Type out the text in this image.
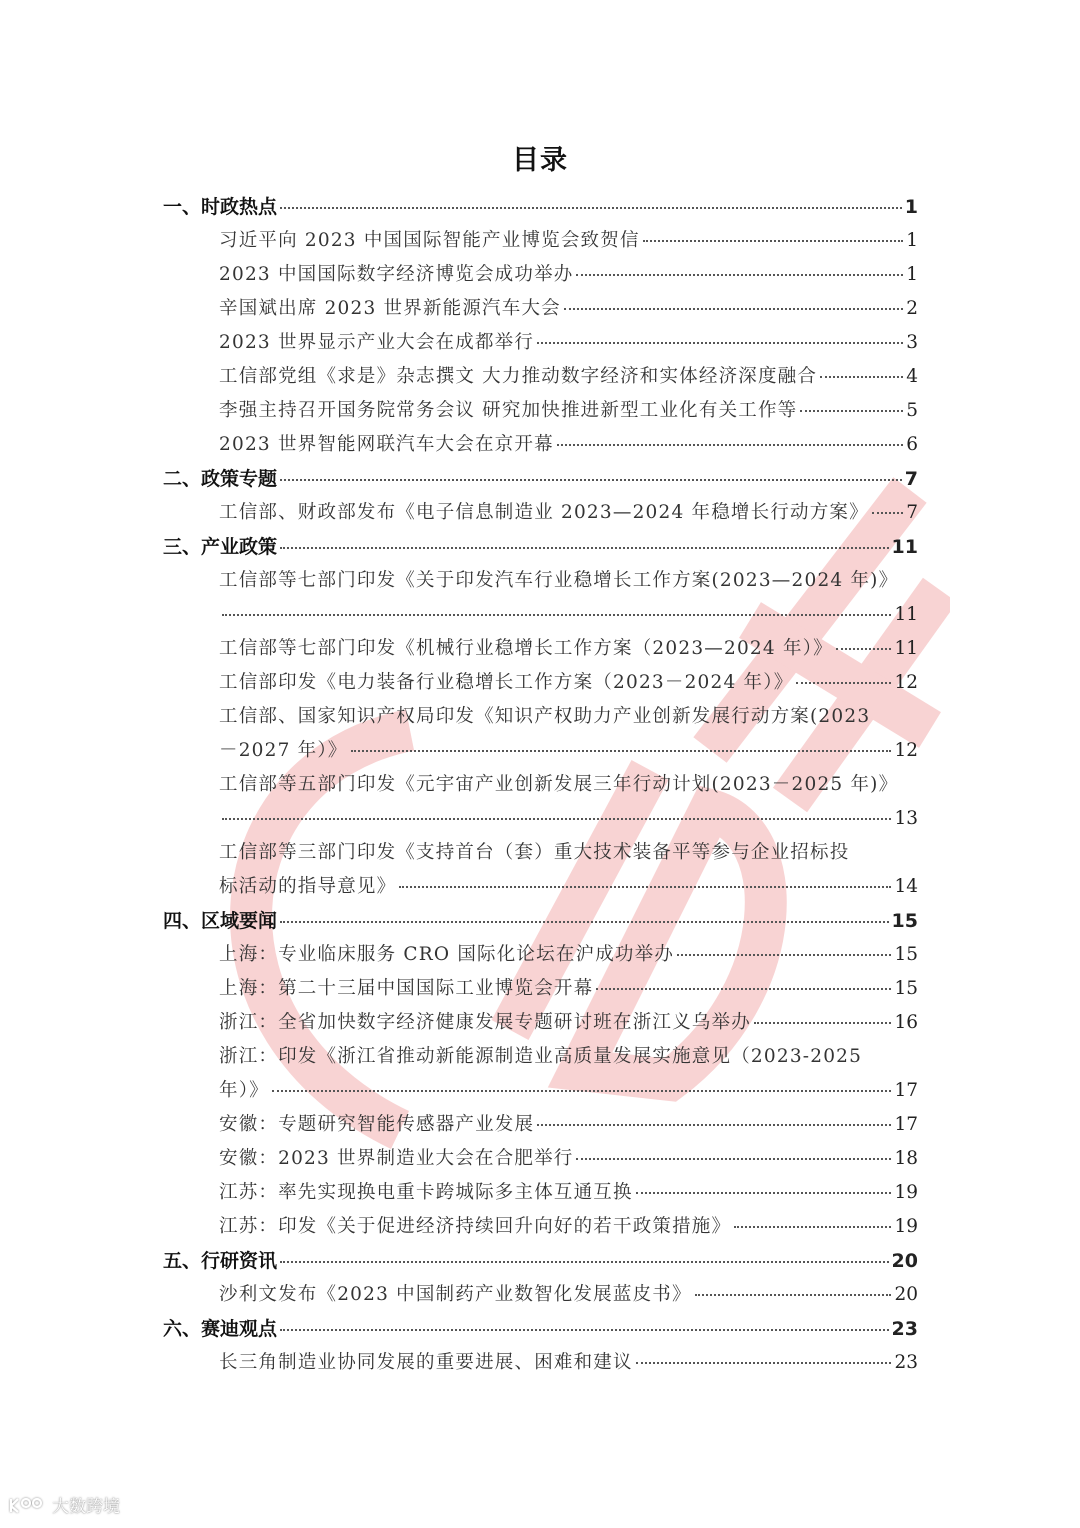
目录
一、时政热点	1
习近平向 2023 中国国际智能产业博览会致贺信	1
2023 中国国际数字经济博览会成功举办	1
辛国斌出席 2023 世界新能源汽车大会	2
2023 世界显示产业大会在成都举行	3
工信部党组《求是》杂志撰文 大力推动数字经济和实体经济深度融合	4
李强主持召开国务院常务会议 研究加快推进新型工业化有关工作等	5
2023 世界智能网联汽车大会在京开幕	6
二、政策专题	7
工信部、财政部发布《电子信息制造业 2023—2024 年稳增长行动方案》 7
三、产业政策	11
工信部等七部门印发《关于印发汽车行业稳增长工作方案(2023—2024 年)》
11
工信部等七部门印发《机械行业稳增长工作方案（2023—2024 年）》	11
工信部印发《电力装备行业稳增长工作方案（2023－2024 年）》	12
工信部、国家知识产权局印发《知识产权助力产业创新发展行动方案(2023
－2027 年）》	12
工信部等五部门印发《元宇宙产业创新发展三年行动计划(2023－2025 年)》
13
工信部等三部门印发《支持首台（套）重大技术装备平等参与企业招标投
标活动的指导意见》	14
四、区域要闻	15
上海：专业临床服务 CRO 国际化论坛在沪成功举办	15
上海：第二十三届中国国际工业博览会开幕	15
浙江：全省加快数字经济健康发展专题研讨班在浙江义乌举办	16
浙江：印发《浙江省推动新能源制造业高质量发展实施意见（2023-2025
年）》	17
安徽：专题研究智能传感器产业发展	17
安徽：2023 世界制造业大会在合肥举行	18
江苏：率先实现换电重卡跨城际多主体互通互换	19
江苏：印发《关于促进经济持续回升向好的若干政策措施》	19
五、行研资讯	20
沙利文发布《2023 中国制药产业数智化发展蓝皮书》	20
六、赛迪观点	23
长三角制造业协同发展的重要进展、困难和建议	23
大数跨境
